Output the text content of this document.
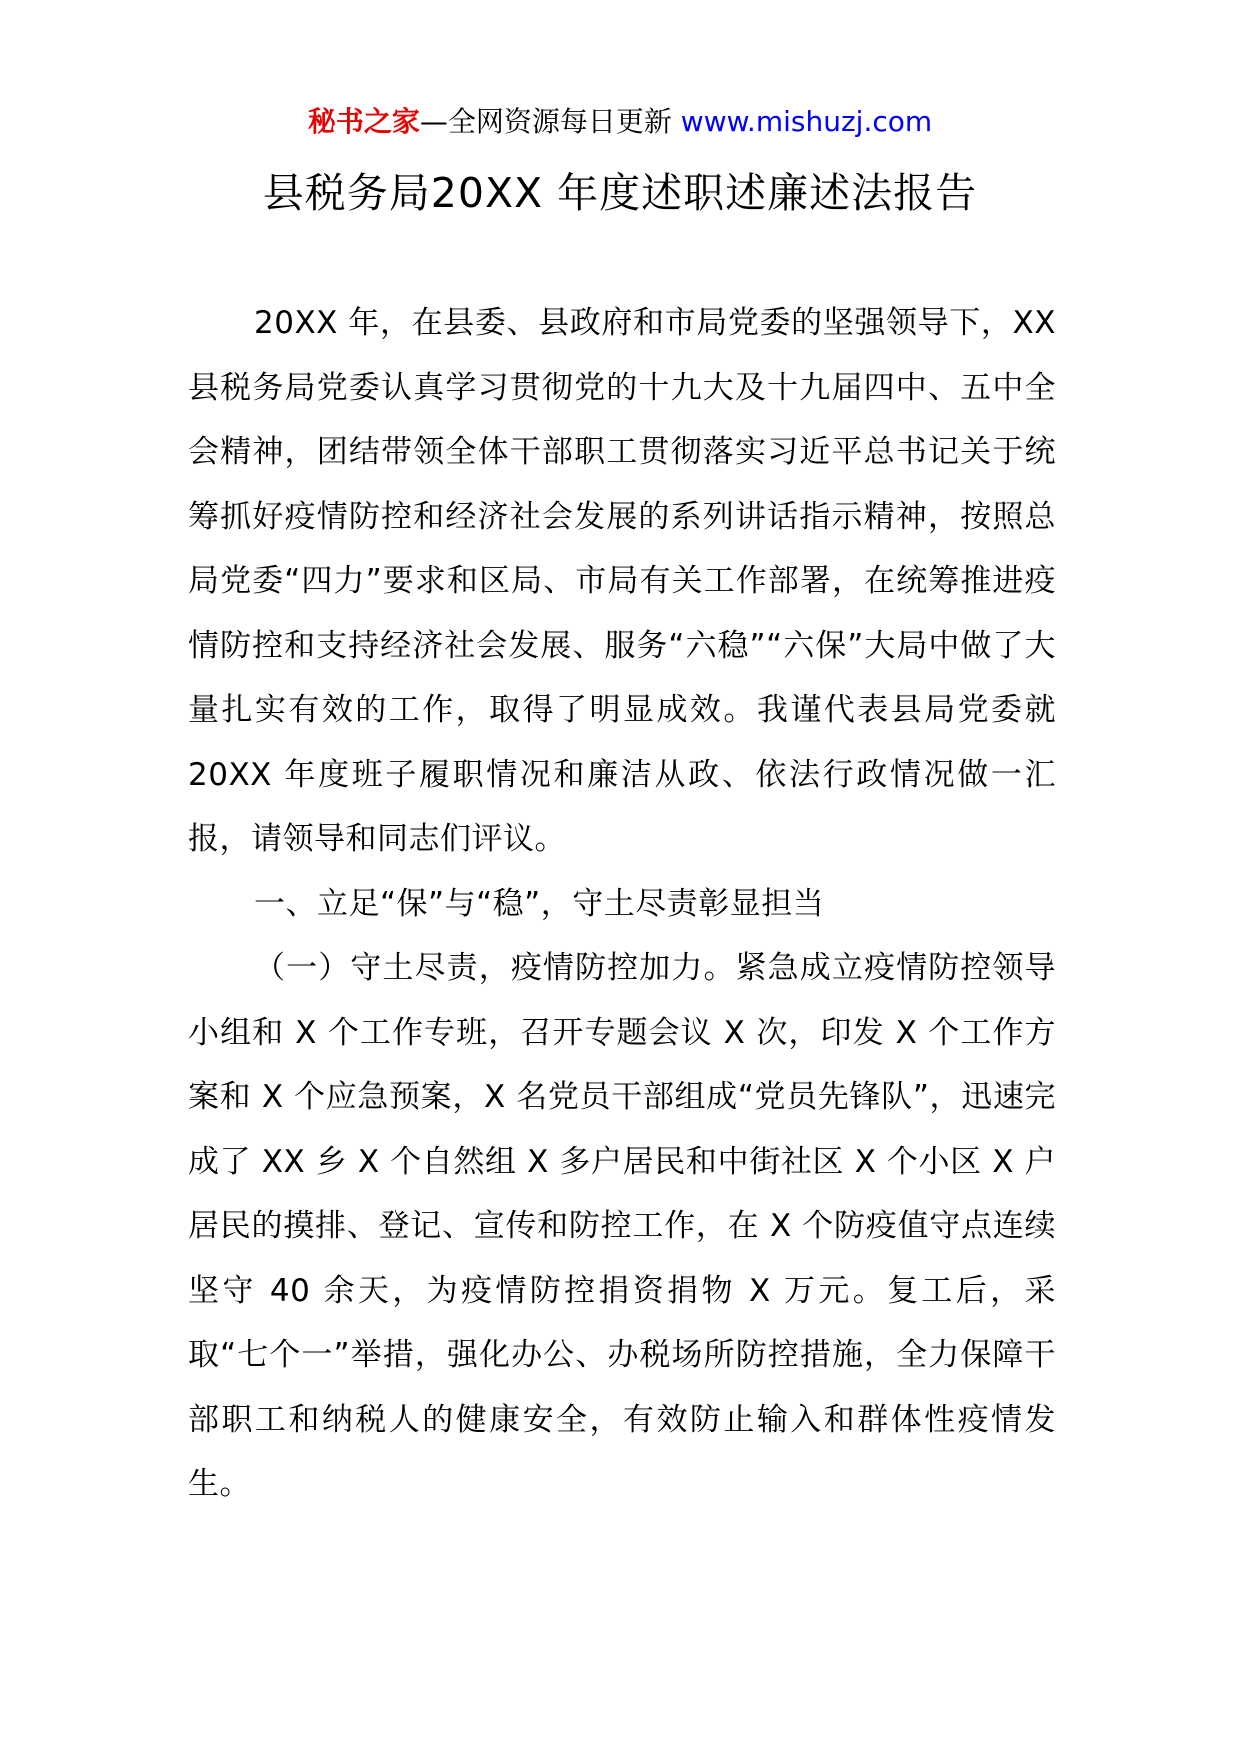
秘书之家—全网资源每日更新 www.mishuzj.com
县税务局20XX 年度述职述廉述法报告

20XX 年，在县委、县政府和市局党委的坚强领导下，XX 县税务局党委认真学习贯彻党的十九大及十九届四中、五中全会精神，团结带领全体干部职工贯彻落实习近平总书记关于统筹抓好疫情防控和经济社会发展的系列讲话指示精神，按照总局党委“四力”要求和区局、市局有关工作部署，在统筹推进疫情防控和支持经济社会发展、服务“六稳”“六保”大局中做了大量扎实有效的工作，取得了明显成效。我谨代表县局党委就 20XX 年度班子履职情况和廉洁从政、依法行政情况做一汇报，请领导和同志们评议。

一、立足“保”与“稳”，守土尽责彰显担当

（一）守土尽责，疫情防控加力。紧急成立疫情防控领导小组和 X 个工作专班，召开专题会议 X 次，印发 X 个工作方案和 X 个应急预案，X 名党员干部组成“党员先锋队”，迅速完成了 XX 乡 X 个自然组 X 多户居民和中街社区 X 个小区 X 户居民的摸排、登记、宣传和防控工作，在 X 个防疫值守点连续坚守 40 余天，为疫情防控捐资捐物 X 万元。复工后，采取“七个一”举措，强化办公、办税场所防控措施，全力保障干部职工和纳税人的健康安全，有效防止输入和群体性疫情发生。
